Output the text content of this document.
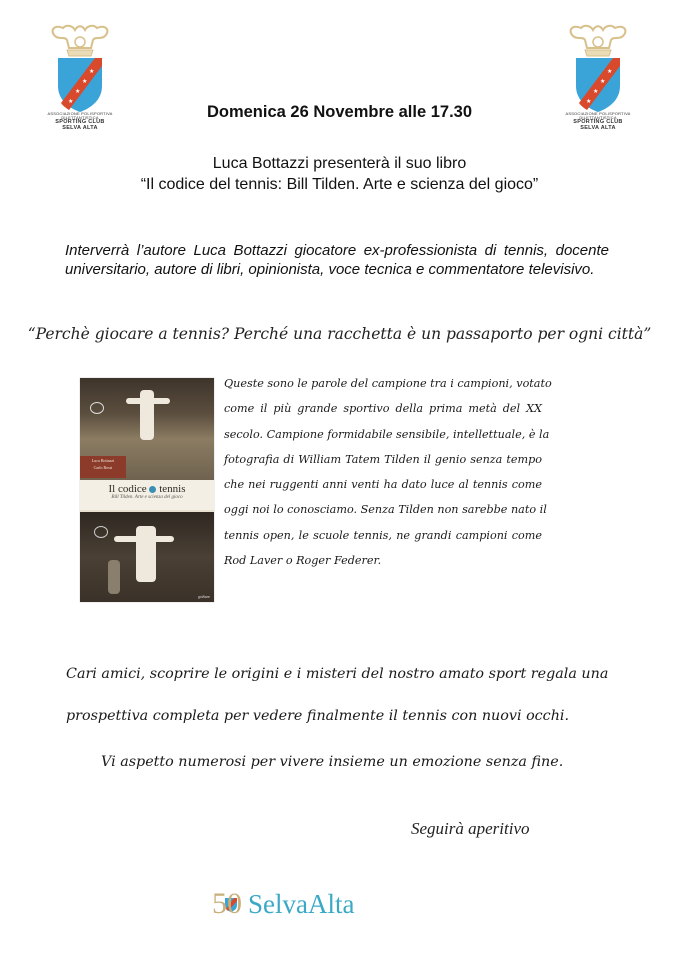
★
★
★
★
ASSOCIAZIONE POLISPORTIVA DILETTANTISTICA
SPORTING CLUB
SELVA ALTA
★
★
★
★
ASSOCIAZIONE POLISPORTIVA DILETTANTISTICA
SPORTING CLUB
SELVA ALTA
Domenica 26 Novembre alle 17.30
Luca Bottazzi presenterà il suo libro
“Il codice del tennis: Bill Tilden. Arte e scienza del gioco”
Interverrà l’autore Luca Bottazzi giocatore ex-professionista di tennis, docente universitario, autore di libri, opinionista, voce tecnica e commentatore televisivo.
“Perchè giocare a tennis? Perché una racchetta è un passaporto per ogni città”
Luca Bottazzi
Carlo Rossi
Il codice tennis
Bill Tilden. Arte e scienza del gioco
goWare
Queste sono le parole del campione tra i campioni, votato
come il più grande sportivo della prima metà del XX
secolo. Campione formidabile sensibile, intellettuale, è la
fotografia di William Tatem Tilden il genio senza tempo
che nei ruggenti anni venti ha dato luce al tennis come
oggi noi lo conosciamo. Senza Tilden non sarebbe nato il
tennis open, le scuole tennis, ne grandi campioni come
Rod Laver o Roger Federer.
Cari amici, scoprire le origini e i misteri del nostro amato sport regala una
prospettiva completa per vedere finalmente il tennis con nuovi occhi.
Vi aspetto numerosi per vivere insieme un emozione senza fine.
Seguirà aperitivo
50 SelvaAlta
